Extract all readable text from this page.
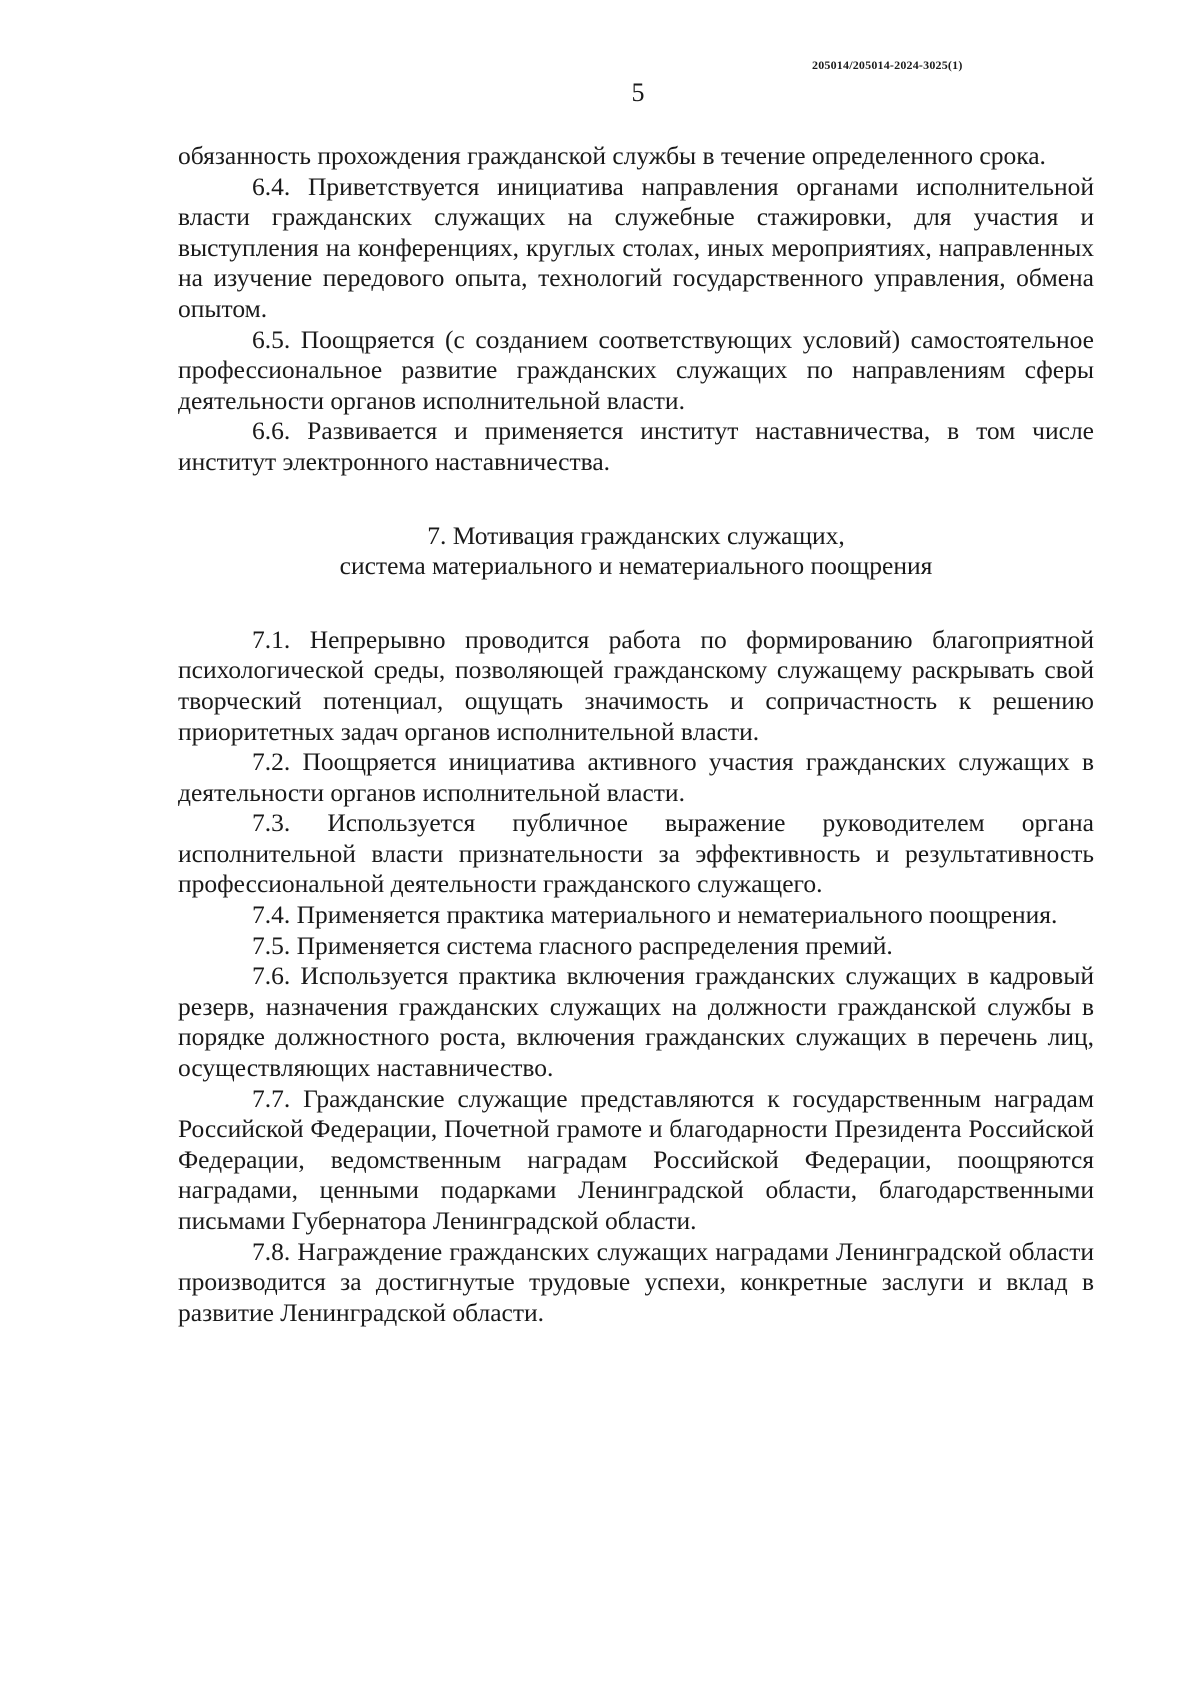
205014/205014-2024-3025(1)
5

обязанность прохождения гражданской службы в течение определенного срока.

6.4. Приветствуется инициатива направления органами исполнительной власти гражданских служащих на служебные стажировки, для участия и выступления на конференциях, круглых столах, иных мероприятиях, направленных на изучение передового опыта, технологий государственного управления, обмена опытом.

6.5. Поощряется (с созданием соответствующих условий) самостоятельное профессиональное развитие гражданских служащих по направлениям сферы деятельности органов исполнительной власти.

6.6. Развивается и применяется институт наставничества, в том числе институт электронного наставничества.

7. Мотивация гражданских служащих,
система материального и нематериального поощрения

7.1. Непрерывно проводится работа по формированию благоприятной психологической среды, позволяющей гражданскому служащему раскрывать свой творческий потенциал, ощущать значимость и сопричастность к решению приоритетных задач органов исполнительной власти.

7.2. Поощряется инициатива активного участия гражданских служащих в деятельности органов исполнительной власти.

7.3. Используется публичное выражение руководителем органа исполнительной власти признательности за эффективность и результативность профессиональной деятельности гражданского служащего.

7.4. Применяется практика материального и нематериального поощрения.

7.5. Применяется система гласного распределения премий.

7.6. Используется практика включения гражданских служащих в кадровый резерв, назначения гражданских служащих на должности гражданской службы в порядке должностного роста, включения гражданских служащих в перечень лиц, осуществляющих наставничество.

7.7. Гражданские служащие представляются к государственным наградам Российской Федерации, Почетной грамоте и благодарности Президента Российской Федерации, ведомственным наградам Российской Федерации, поощряются наградами, ценными подарками Ленинградской области, благодарственными письмами Губернатора Ленинградской области.

7.8. Награждение гражданских служащих наградами Ленинградской области производится за достигнутые трудовые успехи, конкретные заслуги и вклад в развитие Ленинградской области.
